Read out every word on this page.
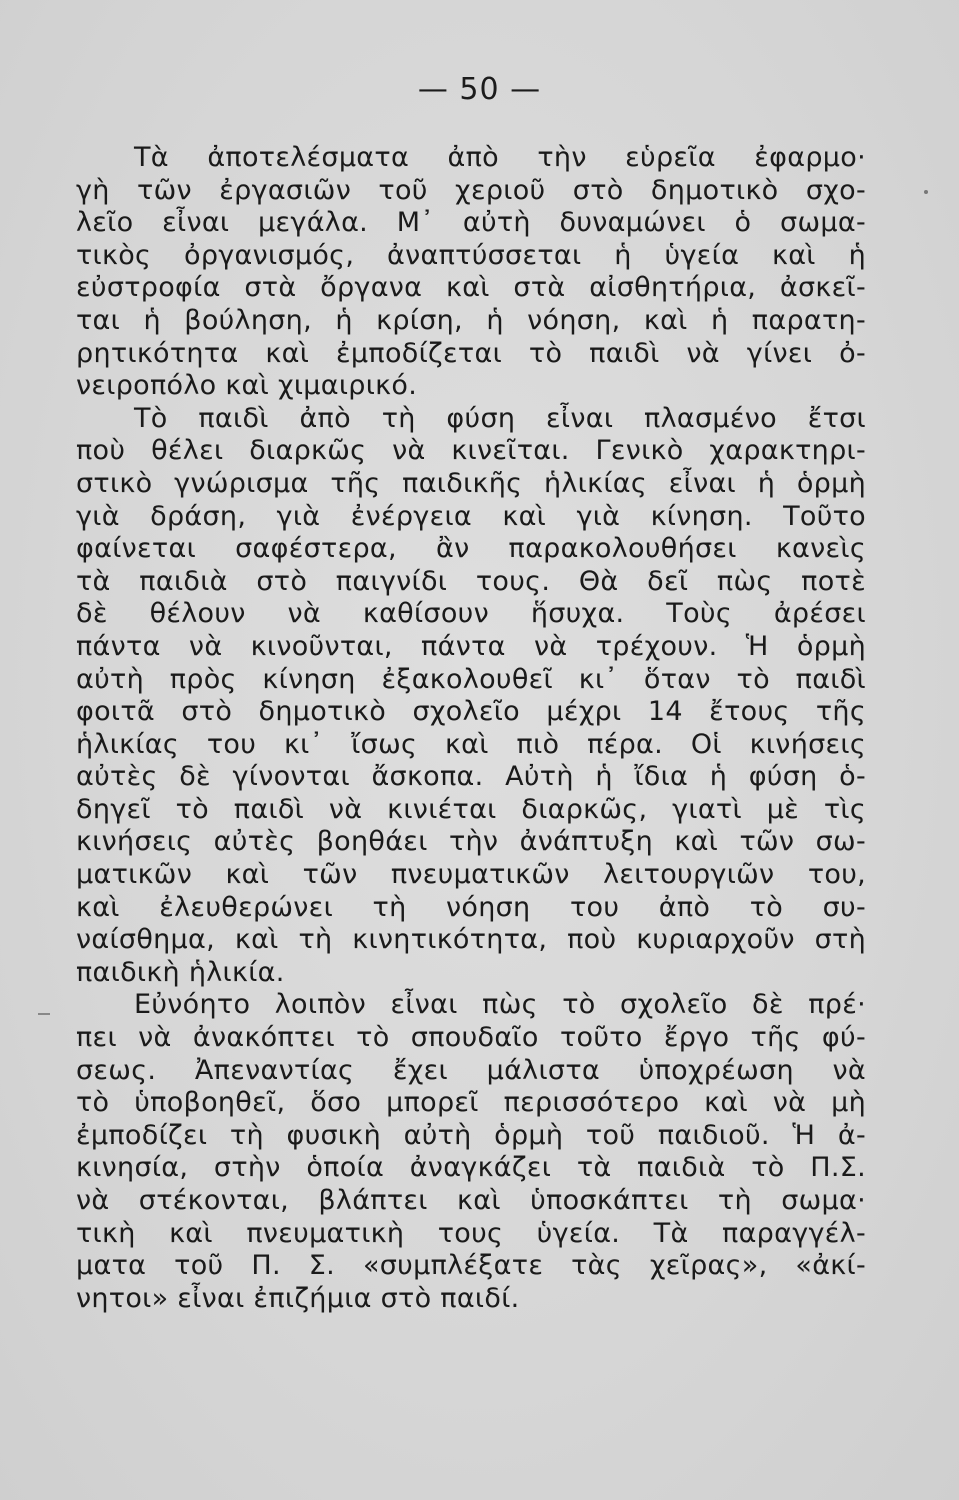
— 50 —
Τὰ ἀποτελέσματα ἀπὸ τὴν εὑρεῖα ἐφαρμο·
γὴ τῶν ἐργασιῶν τοῦ χεριοῦ στὸ δημοτικὸ σχο-
λεῖο εἶναι μεγάλα. Μ᾽ αὐτὴ δυναμώνει ὁ σωμα-
τικὸς ὀργανισμός, ἀναπτύσσεται ἡ ὑγεία καὶ ἡ
εὐστροφία στὰ ὄργανα καὶ στὰ αἰσθητήρια, ἀσκεῖ-
ται ἡ βούληση, ἡ κρίση, ἡ νόηση, καὶ ἡ παρατη-
ρητικότητα καὶ ἐμποδίζεται τὸ παιδὶ νὰ γίνει ὀ-
νειροπόλο καὶ χιμαιρικό.
Τὸ παιδὶ ἀπὸ τὴ φύση εἶναι πλασμένο ἔτσι
ποὺ θέλει διαρκῶς νὰ κινεῖται. Γενικὸ χαρακτηρι-
στικὸ γνώρισμα τῆς παιδικῆς ἡλικίας εἶναι ἡ ὁρμὴ
γιὰ δράση, γιὰ ἐνέργεια καὶ γιὰ κίνηση. Τοῦτο
φαίνεται σαφέστερα, ἂν παρακολουθήσει κανεὶς
τὰ παιδιὰ στὸ παιγνίδι τους. Θὰ δεῖ πὼς ποτὲ
δὲ θέλουν νὰ καθίσουν ἥσυχα. Τοὺς ἀρέσει
πάντα νὰ κινοῦνται, πάντα νὰ τρέχουν. Ἡ ὁρμὴ
αὐτὴ πρὸς κίνηση ἐξακολουθεῖ κι᾽ ὅταν τὸ παιδὶ
φοιτᾶ στὸ δημοτικὸ σχολεῖο μέχρι 14 ἔτους τῆς
ἡλικίας του κι᾽ ἴσως καὶ πιὸ πέρα. Οἱ κινήσεις
αὐτὲς δὲ γίνονται ἄσκοπα. Αὐτὴ ἡ ἴδια ἡ φύση ὁ-
δηγεῖ τὸ παιδὶ νὰ κινιέται διαρκῶς, γιατὶ μὲ τὶς
κινήσεις αὐτὲς βοηθάει τὴν ἀνάπτυξη καὶ τῶν σω-
ματικῶν καὶ τῶν πνευματικῶν λειτουργιῶν του,
καὶ ἐλευθερώνει τὴ νόηση του ἀπὸ τὸ συ-
ναίσθημα, καὶ τὴ κινητικότητα, ποὺ κυριαρχοῦν στὴ
παιδικὴ ἡλικία.
Εὐνόητο λοιπὸν εἶναι πὼς τὸ σχολεῖο δὲ πρέ·
πει νὰ ἀνακόπτει τὸ σπουδαῖο τοῦτο ἔργο τῆς φύ-
σεως. Ἀπεναντίας ἔχει μάλιστα ὑποχρέωση νὰ
τὸ ὑποβοηθεῖ, ὅσο μπορεῖ περισσότερο καὶ νὰ μὴ
ἐμποδίζει τὴ φυσικὴ αὐτὴ ὁρμὴ τοῦ παιδιοῦ. Ἡ ἀ-
κινησία, στὴν ὁποία ἀναγκάζει τὰ παιδιὰ τὸ Π.Σ.
νὰ στέκονται, βλάπτει καὶ ὑποσκάπτει τὴ σωμα·
τικὴ καὶ πνευματικὴ τους ὑγεία. Τὰ παραγγέλ-
ματα τοῦ Π. Σ. «συμπλέξατε τὰς χεῖρας», «ἀκί-
νητοι» εἶναι ἐπιζήμια στὸ παιδί.
